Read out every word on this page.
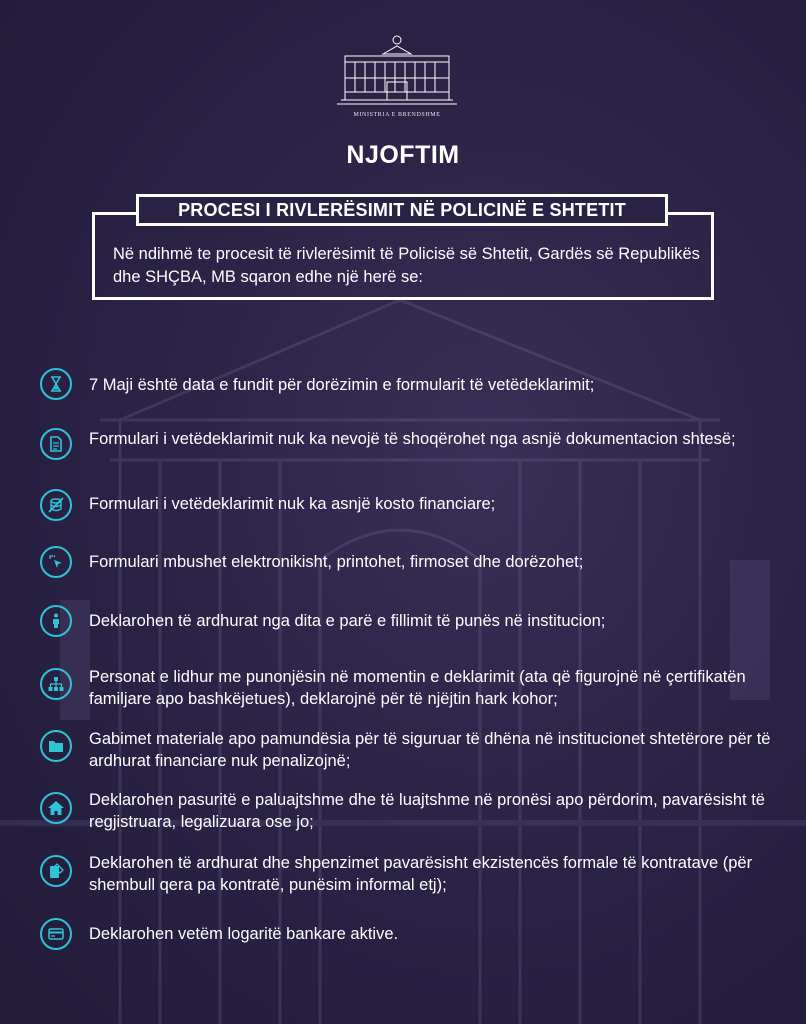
MINISTRIA E BRENDSHME
NJOFTIM
Në ndihmë te procesit të rivlerësimit të Policisë së Shtetit, Gardës së Republikës dhe SHÇBA, MB sqaron edhe një herë se:
PROCESI I RIVLERËSIMIT NË POLICINË E SHTETIT
7 Maji është data e fundit për dorëzimin e formularit të vetëdeklarimit;
Formulari i vetëdeklarimit nuk ka nevojë të shoqërohet nga asnjë dokumentacion shtesë;
Formulari i vetëdeklarimit nuk ka asnjë kosto financiare;
Formulari mbushet elektronikisht, printohet, firmoset dhe dorëzohet;
Deklarohen të ardhurat nga dita e parë e fillimit të punës në institucion;
Personat e lidhur me punonjësin në momentin e deklarimit (ata që figurojnë në çertifikatën familjare apo bashkëjetues), deklarojnë për të njëjtin hark kohor;
Gabimet materiale apo pamundësia për të siguruar të dhëna në institucionet shtetërore për të ardhurat financiare nuk penalizojnë;
Deklarohen pasuritë e paluajtshme dhe të luajtshme në pronësi apo përdorim, pavarësisht të regjistruara, legalizuara ose jo;
Deklarohen të ardhurat dhe shpenzimet pavarësisht ekzistencës formale të kontratave (për shembull qera pa kontratë, punësim informal etj);
Deklarohen vetëm logaritë bankare aktive.
